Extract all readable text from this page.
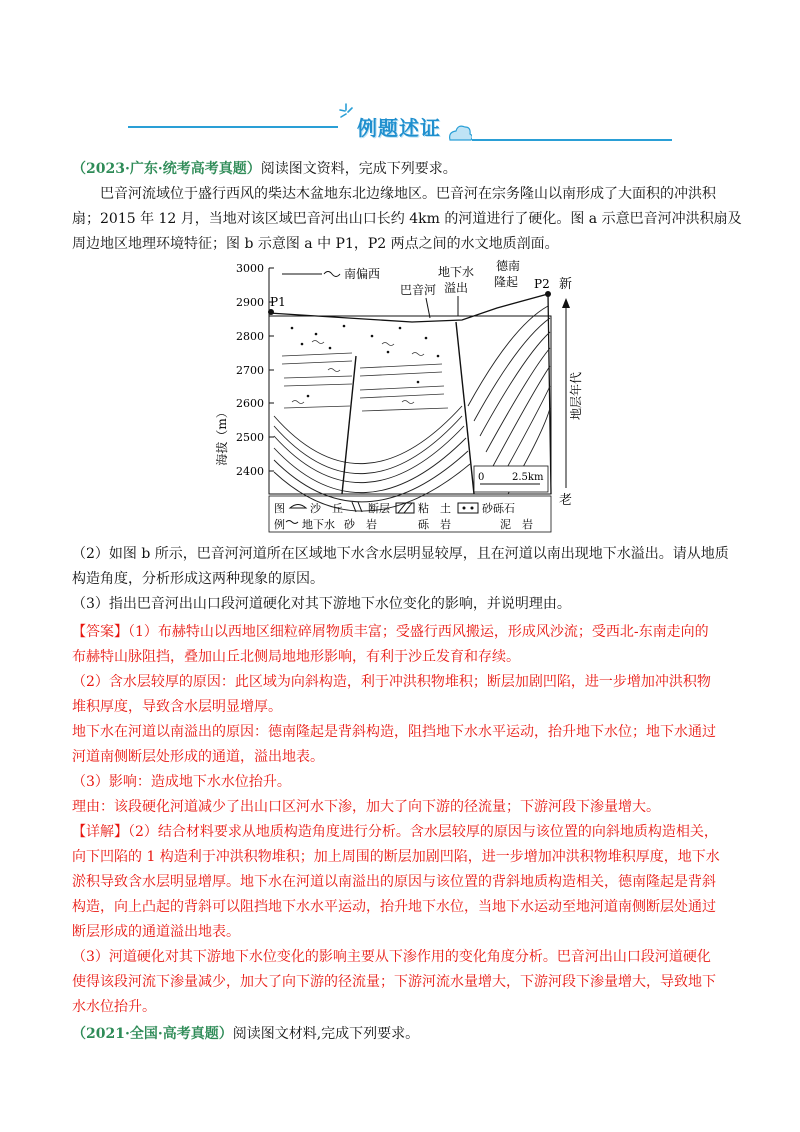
例题述证
（2023·广东·统考高考真题）阅读图文资料，完成下列要求。
巴音河流域位于盛行西风的柴达木盆地东北边缘地区。巴音河在宗务隆山以南形成了大面积的冲洪积
扇；2015 年 12 月，当地对该区域巴音河出山口长约 4km 的河道进行了硬化。图 a 示意巴音河冲洪积扇及
周边地区地理环境特征；图 b 示意图 a 中 P1，P2 两点之间的水文地质剖面。
海拔（m）
3000
2900
2800
2700
2600
2500
2400
P1
P2
南偏西
巴音河
地下水
溢出
德南
隆起	新
地层年代
老
0	2.5km
图
例
沙　丘 断层	粘　土	砂砾石
地下水 砂　岩	砾　岩	泥　岩
（2）如图 b 所示，巴音河河道所在区域地下水含水层明显较厚，且在河道以南出现地下水溢出。请从地质
构造角度，分析形成这两种现象的原因。
（3）指出巴音河出山口段河道硬化对其下游地下水位变化的影响，并说明理由。
【答案】（1）布赫特山以西地区细粒碎屑物质丰富；受盛行西风搬运，形成风沙流；受西北-东南走向的
布赫特山脉阻挡，叠加山丘北侧局地地形影响，有利于沙丘发育和存续。
（2）含水层较厚的原因：此区域为向斜构造，利于冲洪积物堆积；断层加剧凹陷，进一步增加冲洪积物
堆积厚度，导致含水层明显增厚。
地下水在河道以南溢出的原因：德南隆起是背斜构造，阻挡地下水水平运动，抬升地下水位；地下水通过
河道南侧断层处形成的通道，溢出地表。
（3）影响：造成地下水水位抬升。
理由：该段硬化河道减少了出山口区河水下渗，加大了向下游的径流量；下游河段下渗量增大。
【详解】（2）结合材料要求从地质构造角度进行分析。含水层较厚的原因与该位置的向斜地质构造相关，
向下凹陷的 1 构造利于冲洪积物堆积；加上周围的断层加剧凹陷，进一步增加冲洪积物堆积厚度，地下水
淤积导致含水层明显增厚。地下水在河道以南溢出的原因与该位置的背斜地质构造相关，德南隆起是背斜
构造，向上凸起的背斜可以阻挡地下水水平运动，抬升地下水位，当地下水运动至地河道南侧断层处通过
断层形成的通道溢出地表。
（3）河道硬化对其下游地下水位变化的影响主要从下渗作用的变化角度分析。巴音河出山口段河道硬化
使得该段河流下渗量减少，加大了向下游的径流量；下游河流水量增大，下游河段下渗量增大，导致地下
水水位抬升。
（2021·全国·高考真题）阅读图文材料,完成下列要求。
